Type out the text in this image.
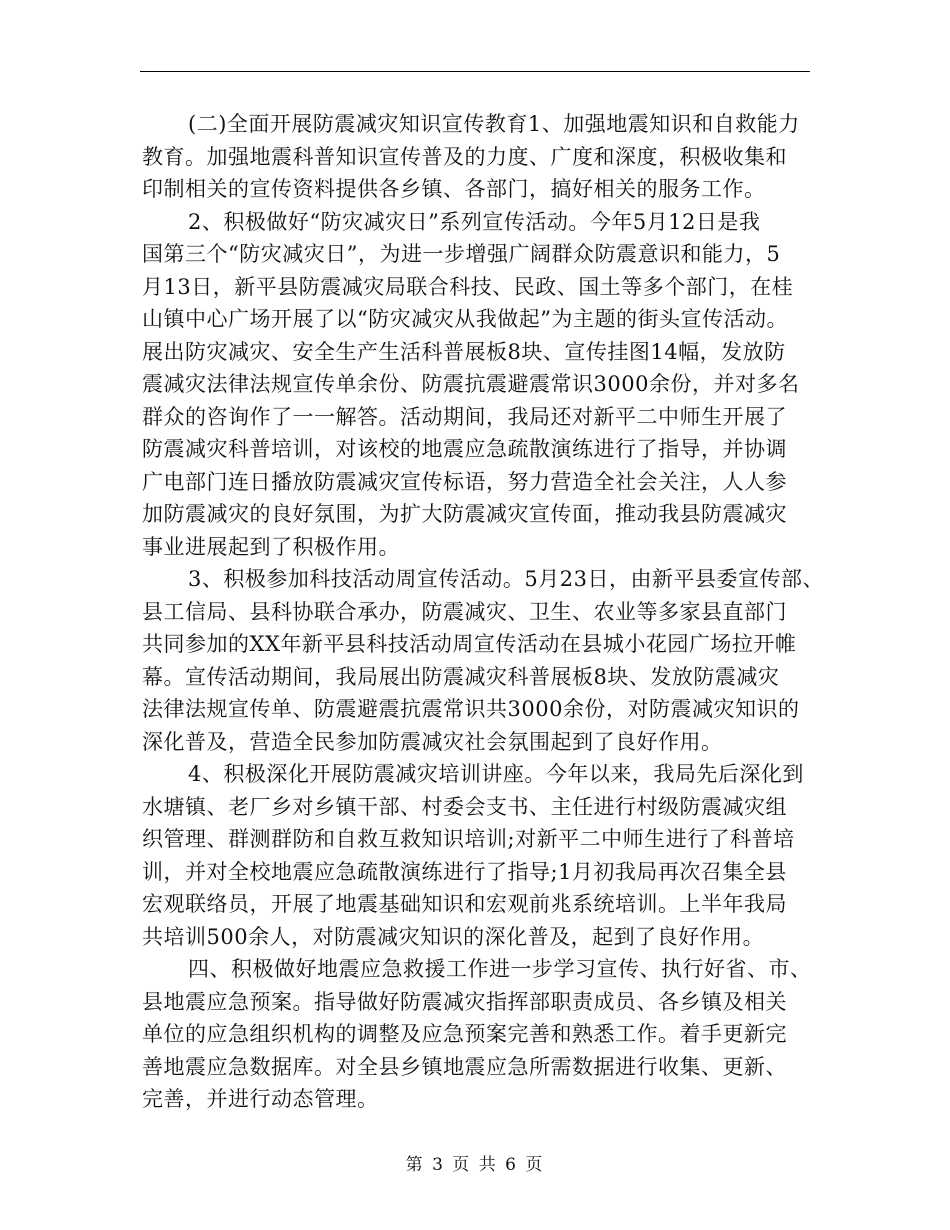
(二)全面开展防震减灾知识宣传教育1、加强地震知识和自救能力
教育。加强地震科普知识宣传普及的力度、广度和深度，积极收集和
印制相关的宣传资料提供各乡镇、各部门，搞好相关的服务工作。
2、积极做好“防灾减灾日”系列宣传活动。今年5月12日是我
国第三个“防灾减灾日”，为进一步增强广阔群众防震意识和能力，5
月13日，新平县防震减灾局联合科技、民政、国土等多个部门，在桂
山镇中心广场开展了以“防灾减灾从我做起”为主题的街头宣传活动。
展出防灾减灾、安全生产生活科普展板8块、宣传挂图14幅，发放防
震减灾法律法规宣传单余份、防震抗震避震常识3000余份，并对多名
群众的咨询作了一一解答。活动期间，我局还对新平二中师生开展了
防震减灾科普培训，对该校的地震应急疏散演练进行了指导，并协调
广电部门连日播放防震减灾宣传标语，努力营造全社会关注，人人参
加防震减灾的良好氛围，为扩大防震减灾宣传面，推动我县防震减灾
事业进展起到了积极作用。
3、积极参加科技活动周宣传活动。5月23日，由新平县委宣传部、
县工信局、县科协联合承办，防震减灾、卫生、农业等多家县直部门
共同参加的XX年新平县科技活动周宣传活动在县城小花园广场拉开帷
幕。宣传活动期间，我局展出防震减灾科普展板8块、发放防震减灾
法律法规宣传单、防震避震抗震常识共3000余份，对防震减灾知识的
深化普及，营造全民参加防震减灾社会氛围起到了良好作用。
4、积极深化开展防震减灾培训讲座。今年以来，我局先后深化到
水塘镇、老厂乡对乡镇干部、村委会支书、主任进行村级防震减灾组
织管理、群测群防和自救互救知识培训;对新平二中师生进行了科普培
训，并对全校地震应急疏散演练进行了指导;1月初我局再次召集全县
宏观联络员，开展了地震基础知识和宏观前兆系统培训。上半年我局
共培训500余人，对防震减灾知识的深化普及，起到了良好作用。
四、积极做好地震应急救援工作进一步学习宣传、执行好省、市、
县地震应急预案。指导做好防震减灾指挥部职责成员、各乡镇及相关
单位的应急组织机构的调整及应急预案完善和熟悉工作。着手更新完
善地震应急数据库。对全县乡镇地震应急所需数据进行收集、更新、
完善，并进行动态管理。
第 3 页 共 6 页
